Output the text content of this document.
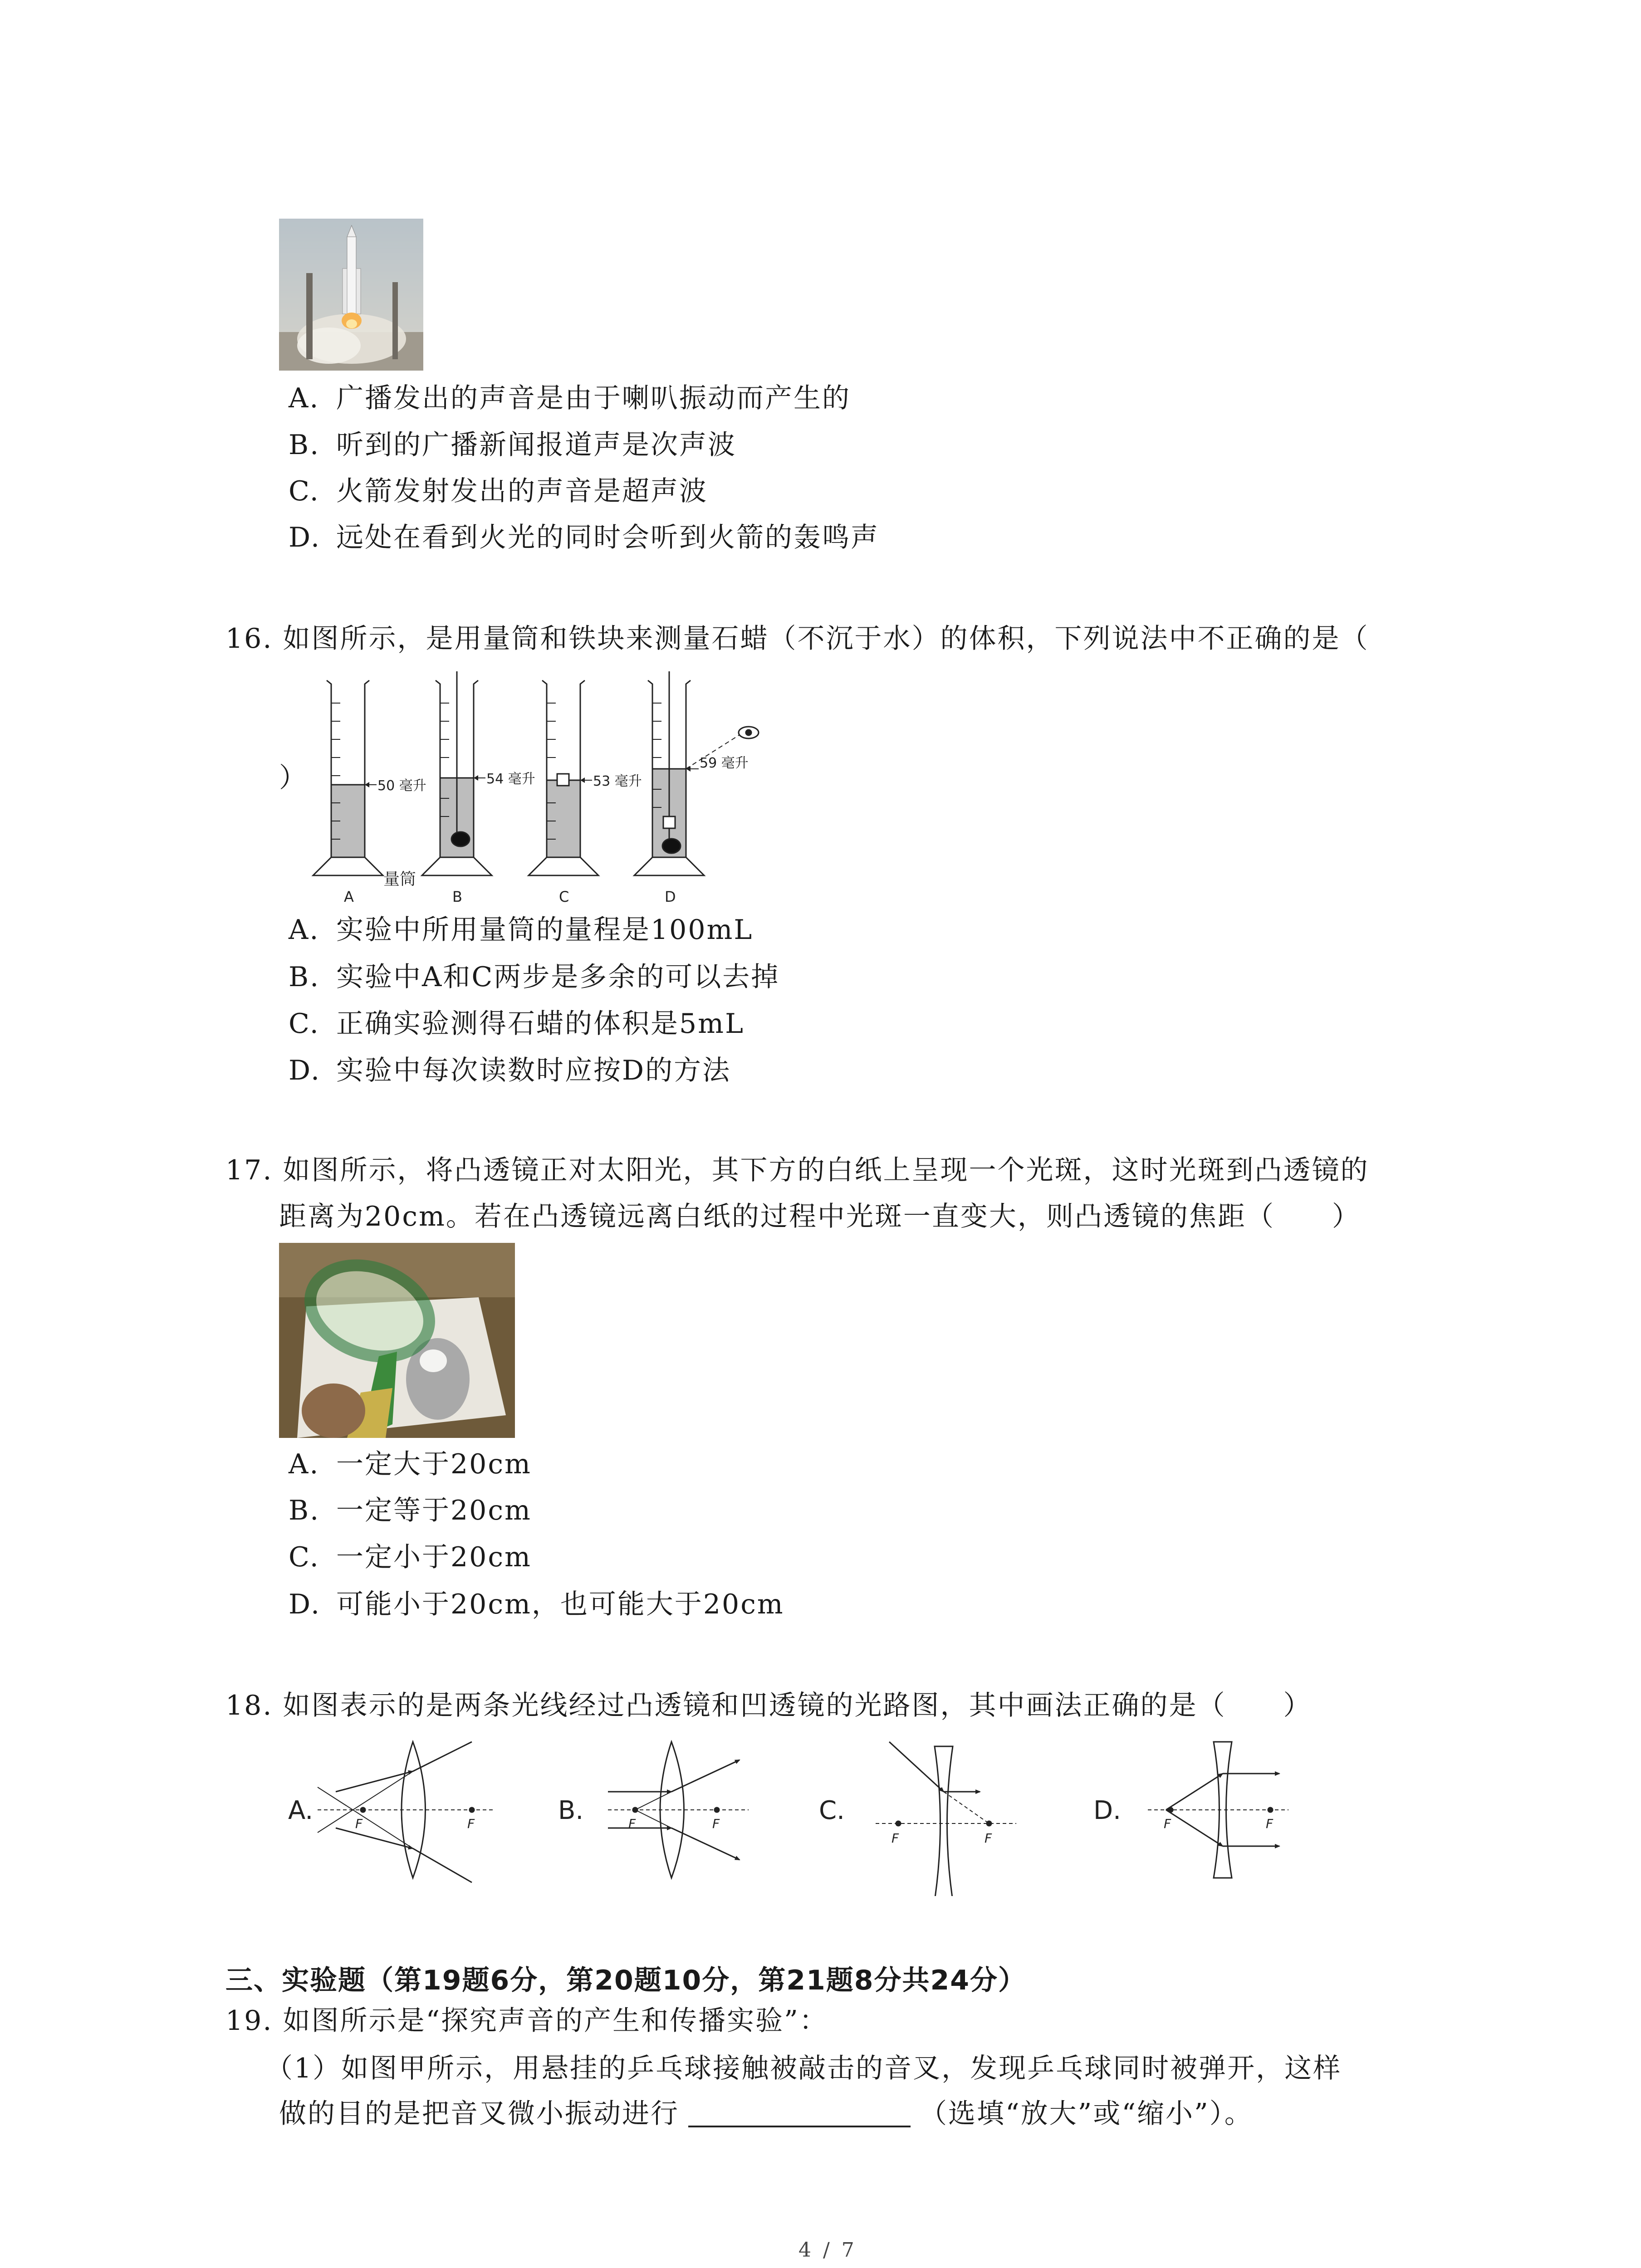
A. 广播发出的声音是由于喇叭振动而产生的
B. 听到的广播新闻报道声是次声波
C. 火箭发射发出的声音是超声波
D. 远处在看到火光的同时会听到火箭的轰鸣声
16. 如图所示，是用量筒和铁块来测量石蜡（不沉于水）的体积，下列说法中不正确的是（
）	50 毫升	54 毫升	53 毫升
59 毫升
量筒
A	B	C	D
A. 实验中所用量筒的量程是100mL
B. 实验中A和C两步是多余的可以去掉
C. 正确实验测得石蜡的体积是5mL
D. 实验中每次读数时应按D的方法
17. 如图所示，将凸透镜正对太阳光，其下方的白纸上呈现一个光斑，这时光斑到凸透镜的
距离为20cm。若在凸透镜远离白纸的过程中光斑一直变大，则凸透镜的焦距（　　）
A. 一定大于20cm
B. 一定等于20cm
C. 一定小于20cm
D. 可能小于20cm，也可能大于20cm
18. 如图表示的是两条光线经过凸透镜和凹透镜的光路图，其中画法正确的是（　　）
A.	B.	C.	D.
F	F	F	F
F	F
F	F
三、实验题（第19题6分，第20题10分，第21题8分共24分）
19. 如图所示是“探究声音的产生和传播实验”：
（1）如图甲所示，用悬挂的乒乓球接触被敲击的音叉，发现乒乓球同时被弹开，这样
做的目的是把音叉微小振动进行	（选填“放大”或“缩小”）。
4 / 7
